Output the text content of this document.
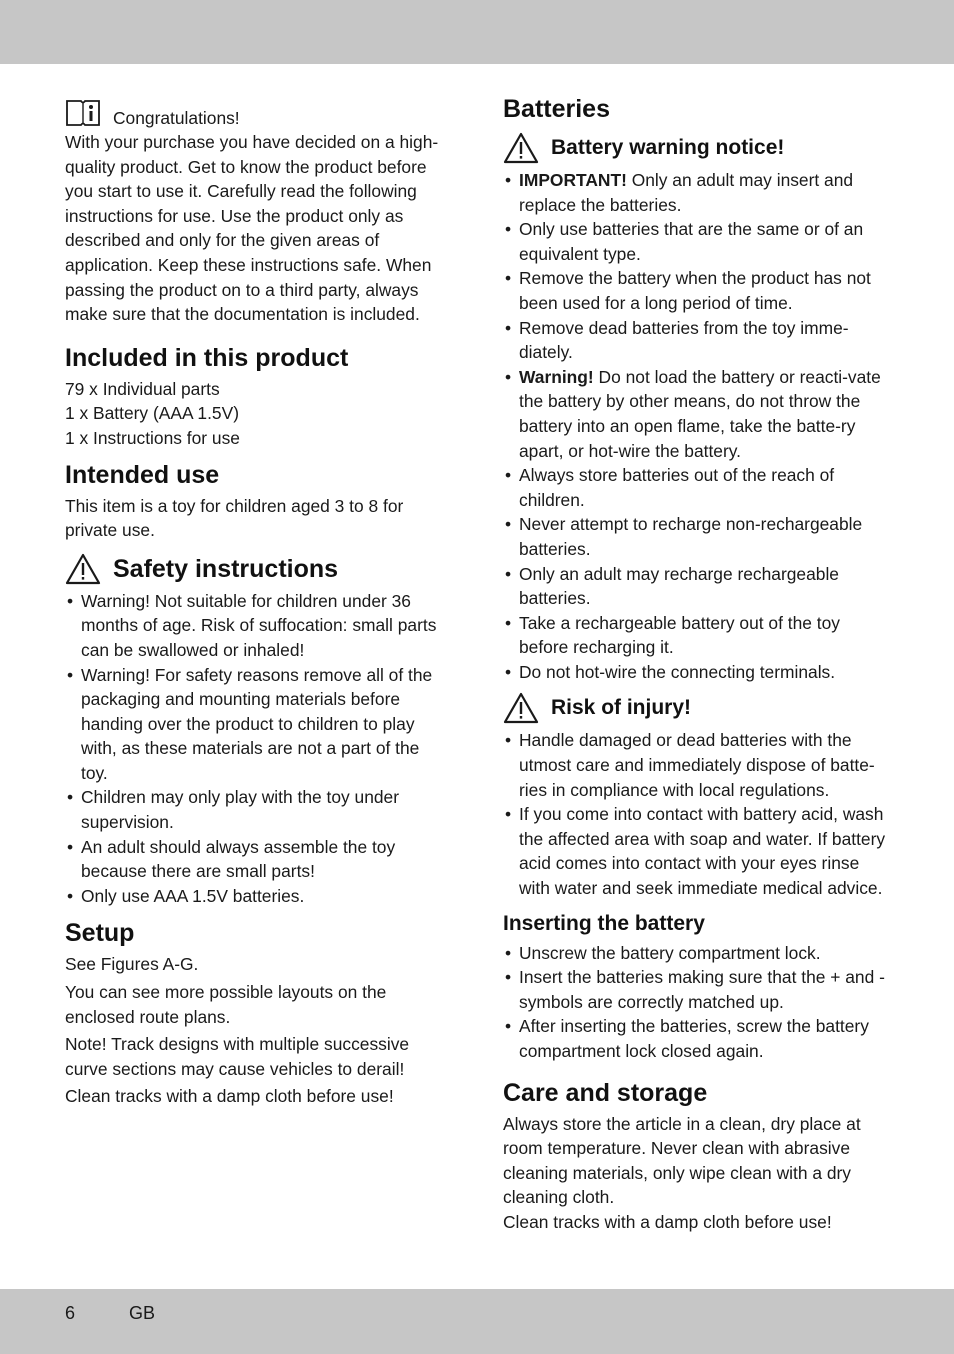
Congratulations!

With your purchase you have decided on a high-quality product. Get to know the product before you start to use it. Carefully read the following instructions for use. Use the product only as described and only for the given areas of application. Keep these instructions safe. When passing the product on to a third party, always make sure that the documentation is included.

Included in this product

79 x Individual parts

1 x Battery (AAA 1.5V)

1 x Instructions for use

Intended use

This item is a toy for children aged 3 to 8 for private use.

Safety instructions
• Warning! Not suitable for children under 36 months of age. Risk of suffocation: small parts can be swallowed or inhaled!
• Warning! For safety reasons remove all of the packaging and mounting materials before handing over the product to children to play with, as these materials are not a part of the toy.
• Children may only play with the toy under supervision.
• An adult should always assemble the toy because there are small parts!
• Only use AAA 1.5V batteries.
Setup

See Figures A-G.

You can see more possible layouts on the enclosed route plans.

Note! Track designs with multiple successive curve sections may cause vehicles to derail!

Clean tracks with a damp cloth before use!

Batteries
Battery warning notice!
• IMPORTANT! Only an adult may insert and replace the batteries.
• Only use batteries that are the same or of an equivalent type.
• Remove the battery when the product has not been used for a long period of time.
• Remove dead batteries from the toy imme-diately.
• Warning! Do not load the battery or reacti-vate the battery by other means, do not throw the battery into an open flame, take the batte-ry apart, or hot-wire the battery.
• Always store batteries out of the reach of children.
• Never attempt to recharge non-rechargeable batteries.
• Only an adult may recharge rechargeable batteries.
• Take a rechargeable battery out of the toy before recharging it.
• Do not hot-wire the connecting terminals.
Risk of injury!
• Handle damaged or dead batteries with the utmost care and immediately dispose of batte-ries in compliance with local regulations.
• If you come into contact with battery acid, wash the affected area with soap and water. If battery acid comes into contact with your eyes rinse with water and seek immediate medical advice.
Inserting the battery
• Unscrew the battery compartment lock.
• Insert the batteries making sure that the + and - symbols are correctly matched up.
• After inserting the batteries, screw the battery compartment lock closed again.
Care and storage

Always store the article in a clean, dry place at room temperature. Never clean with abrasive cleaning materials, only wipe clean with a dry cleaning cloth.

Clean tracks with a damp cloth before use!

6	GB
